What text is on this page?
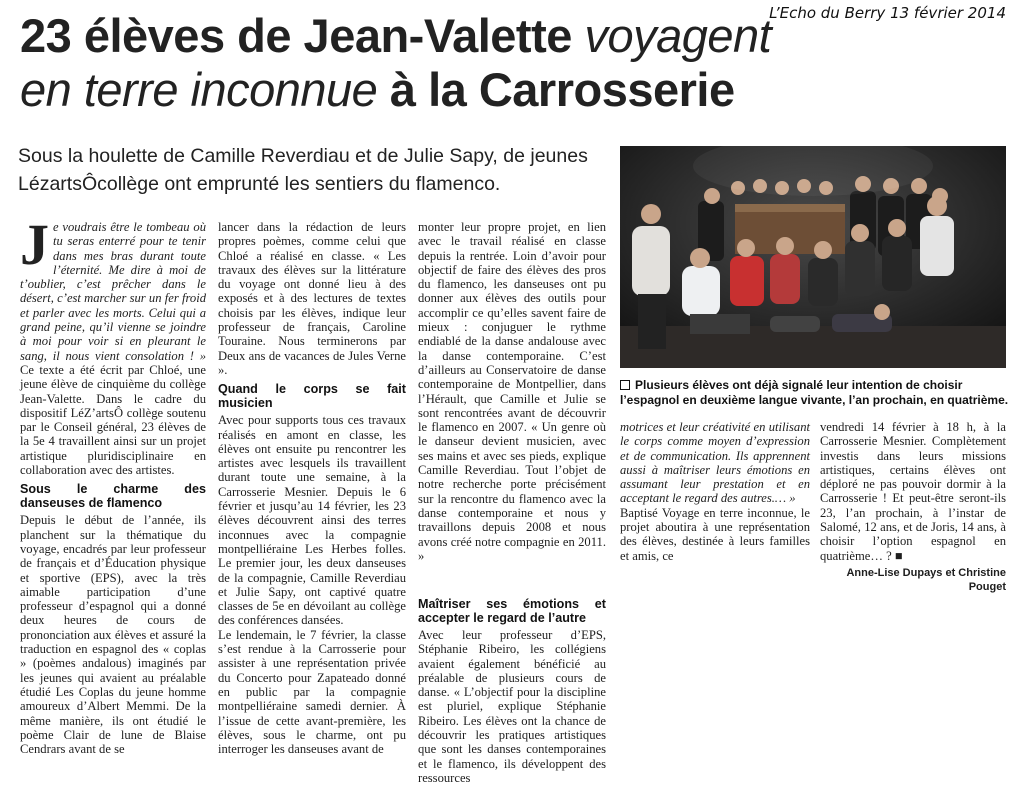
L’Echo du Berry 13 février 2014
23 élèves de Jean-Valette voyagent
en terre inconnue à la Carrosserie
Sous la houlette de Camille Reverdiau et de Julie Sapy, de jeunes
LézartsÔcollège ont emprunté les sentiers du flamenco.
Plusieurs élèves ont déjà signalé leur intention de choisir l’espagnol en deuxième langue vivante, l’an prochain, en quatrième.

Je voudrais être le tombeau où tu seras enterré pour te tenir dans mes bras durant toute l’éternité. Me dire à moi de t’oublier, c’est prêcher dans le désert, c’est marcher sur un fer froid et parler avec les morts. Celui qui a grand peine, qu’il vienne se joindre à moi pour voir si en pleurant le sang, il nous vient consolation ! » Ce texte a été écrit par Chloé, une jeune élève de cinquième du collège Jean-Valette. Dans le cadre du dispositif LéZ’artsÔ collège soutenu par le Conseil général, 23 élèves de la 5e 4 travaillent ainsi sur un projet artistique pluridisciplinaire en collaboration avec des artistes.

Sous le charme des danseuses de flamenco

Depuis le début de l’année, ils planchent sur la thématique du voyage, encadrés par leur professeur de français et d’Éducation physique et sportive (EPS), avec la très aimable participation d’une professeur d’espagnol qui a donné deux heures de cours de prononciation aux élèves et assuré la traduction en espagnol des « coplas » (poèmes andalous) imaginés par les jeunes qui avaient au préalable étudié Les Coplas du jeune homme amoureux d’Albert Memmi. De la même manière, ils ont étudié le poème Clair de lune de Blaise Cendrars avant de se

lancer dans la rédaction de leurs propres poèmes, comme celui que Chloé a réalisé en classe. « Les travaux des élèves sur la littérature du voyage ont donné lieu à des exposés et à des lectures de textes choisis par les élèves, indique leur professeur de français, Caroline Touraine. Nous terminerons par Deux ans de vacances de Jules Verne ».

Quand le corps se fait musicien

Avec pour supports tous ces travaux réalisés en amont en classe, les élèves ont ensuite pu rencontrer les artistes avec lesquels ils travaillent durant toute une semaine, à la Carrosserie Mesnier. Depuis le 6 février et jusqu’au 14 février, les 23 élèves découvrent ainsi des terres inconnues avec la compagnie montpelliéraine Les Herbes folles. Le premier jour, les deux danseuses de la compagnie, Camille Reverdiau et Julie Sapy, ont captivé quatre classes de 5e en dévoilant au collège des conférences dansées.

Le lendemain, le 7 février, la classe s’est rendue à la Carrosserie pour assister à une représentation privée du Concerto pour Zapateado donné en public par la compagnie montpelliéraine samedi dernier. À l’issue de cette avant-première, les élèves, sous le charme, ont pu interroger les danseuses avant de

monter leur propre projet, en lien avec le travail réalisé en classe depuis la rentrée. Loin d’avoir pour objectif de faire des élèves des pros du flamenco, les danseuses ont pu donner aux élèves des outils pour accomplir ce qu’elles savent faire de mieux : conjuguer le rythme endiablé de la danse andalouse avec la danse contemporaine. C’est d’ailleurs au Conservatoire de danse contemporaine de Montpellier, dans l’Hérault, que Camille et Julie se sont rencontrées avant de découvrir le flamenco en 2007. « Un genre où le danseur devient musicien, avec ses mains et avec ses pieds, explique Camille Reverdiau. Tout l’objet de notre recherche porte précisément sur la rencontre du flamenco avec la danse contemporaine et nous y travaillons depuis 2008 et nous avons créé notre compagnie en 2011. »

Maîtriser ses émotions et accepter le regard de l’autre

Avec leur professeur d’EPS, Stéphanie Ribeiro, les collégiens avaient également bénéficié au préalable de plusieurs cours de danse. « L’objectif pour la discipline est pluriel, explique Stéphanie Ribeiro. Les élèves ont la chance de découvrir les pratiques artistiques que sont les danses contemporaines et le flamenco, ils développent des ressources

motrices et leur créativité en utilisant le corps comme moyen d’expression et de communication. Ils apprennent aussi à maîtriser leurs émotions en assumant leur prestation et en acceptant le regard des autres.… »

Baptisé Voyage en terre inconnue, le projet aboutira à une représentation des élèves, destinée à leurs familles et amis, ce

vendredi 14 février à 18 h, à la Carrosserie Mesnier. Complètement investis dans leurs missions artistiques, certains élèves ont déploré ne pas pouvoir dormir à la Carrosserie ! Et peut-être seront-ils 23, l’an prochain, à l’instar de Salomé, 12 ans, et de Joris, 14 ans, à choisir l’option espagnol en quatrième… ? ■

Anne-Lise Dupays et Christine Pouget
